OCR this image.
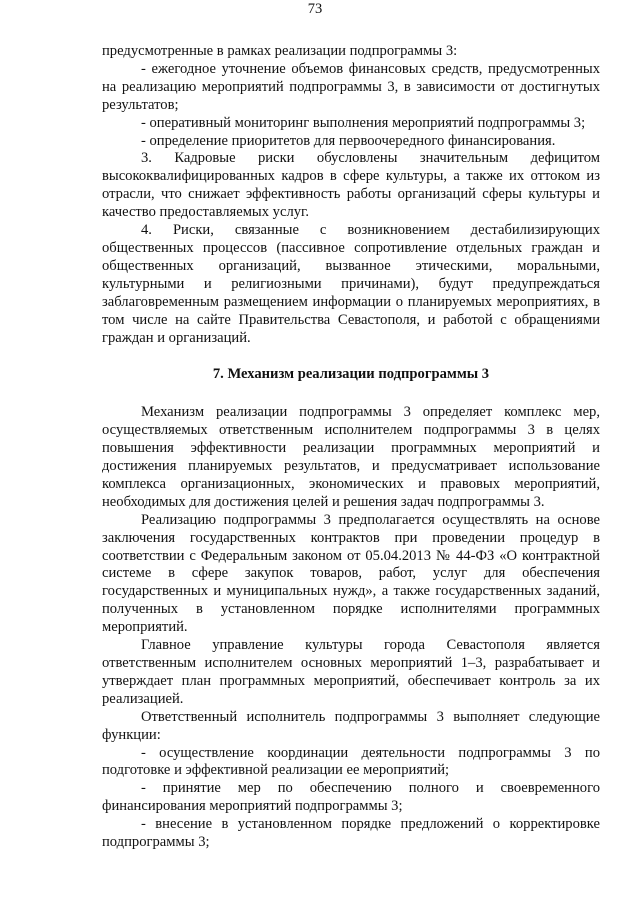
73

предусмотренные в рамках реализации подпрограммы 3:

- ежегодное уточнение объемов финансовых средств, предусмотренных на реализацию мероприятий подпрограммы 3, в зависимости от достигнутых результатов;

- оперативный мониторинг выполнения мероприятий подпрограммы 3;

- определение приоритетов для первоочередного финансирования.

3. Кадровые риски обусловлены значительным дефицитом высококвалифицированных кадров в сфере культуры, а также их оттоком из отрасли, что снижает эффективность работы организаций сферы культуры и качество предоставляемых услуг.

4. Риски, связанные с возникновением дестабилизирующих общественных процессов (пассивное сопротивление отдельных граждан и общественных организаций, вызванное этическими, моральными, культурными и религиозными причинами), будут предупреждаться заблаговременным размещением информации о планируемых мероприятиях, в том числе на сайте Правительства Севастополя, и работой с обращениями граждан и организаций.

7. Механизм реализации подпрограммы 3

Механизм реализации подпрограммы 3 определяет комплекс мер, осуществляемых ответственным исполнителем подпрограммы 3 в целях повышения эффективности реализации программных мероприятий и достижения планируемых результатов, и предусматривает использование комплекса организационных, экономических и правовых мероприятий, необходимых для достижения целей и решения задач подпрограммы 3.

Реализацию подпрограммы 3 предполагается осуществлять на основе заключения государственных контрактов при проведении процедур в соответствии с Федеральным законом от 05.04.2013 № 44-ФЗ «О контрактной системе в сфере закупок товаров, работ, услуг для обеспечения государственных и муниципальных нужд», а также государственных заданий, полученных в установленном порядке исполнителями программных мероприятий.

Главное управление культуры города Севастополя является ответственным исполнителем основных мероприятий 1–3, разрабатывает и утверждает план программных мероприятий, обеспечивает контроль за их реализацией.

Ответственный исполнитель подпрограммы 3 выполняет следующие функции:

- осуществление координации деятельности подпрограммы 3 по подготовке и эффективной реализации ее мероприятий;

- принятие мер по обеспечению полного и своевременного финансирования мероприятий подпрограммы 3;

- внесение в установленном порядке предложений о корректировке подпрограммы 3;
